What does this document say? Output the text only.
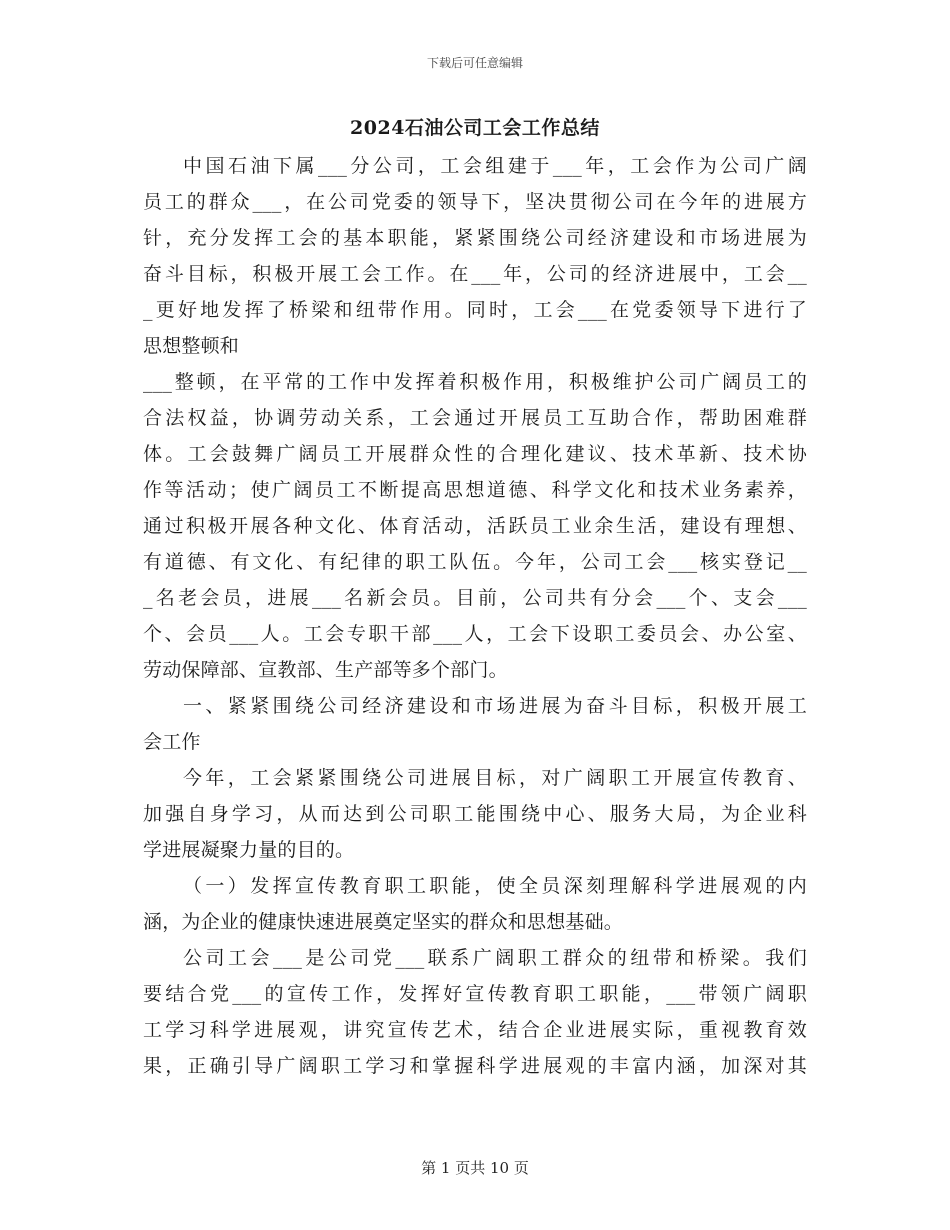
下载后可任意编辑
2024石油公司工会工作总结
中国石油下属___分公司，工会组建于___年，工会作为公司广阔
员工的群众___，在公司党委的领导下，坚决贯彻公司在今年的进展方
针，充分发挥工会的基本职能，紧紧围绕公司经济建设和市场进展为
奋斗目标，积极开展工会工作。在___年，公司的经济进展中，工会__
_更好地发挥了桥梁和纽带作用。同时，工会___在党委领导下进行了
思想整顿和
___整顿，在平常的工作中发挥着积极作用，积极维护公司广阔员工的
合法权益，协调劳动关系，工会通过开展员工互助合作，帮助困难群
体。工会鼓舞广阔员工开展群众性的合理化建议、技术革新、技术协
作等活动；使广阔员工不断提高思想道德、科学文化和技术业务素养，
通过积极开展各种文化、体育活动，活跃员工业余生活，建设有理想、
有道德、有文化、有纪律的职工队伍。今年，公司工会___核实登记__
_名老会员，进展___名新会员。目前，公司共有分会___个、支会___
个、会员___人。工会专职干部___人，工会下设职工委员会、办公室、
劳动保障部、宣教部、生产部等多个部门。
一、紧紧围绕公司经济建设和市场进展为奋斗目标，积极开展工
会工作
今年，工会紧紧围绕公司进展目标，对广阔职工开展宣传教育、
加强自身学习，从而达到公司职工能围绕中心、服务大局，为企业科
学进展凝聚力量的目的。
（一）发挥宣传教育职工职能，使全员深刻理解科学进展观的内
涵，为企业的健康快速进展奠定坚实的群众和思想基础。
公司工会___是公司党___联系广阔职工群众的纽带和桥梁。我们
要结合党___的宣传工作，发挥好宣传教育职工职能，___带领广阔职
工学习科学进展观，讲究宣传艺术，结合企业进展实际，重视教育效
果，正确引导广阔职工学习和掌握科学进展观的丰富内涵，加深对其
第 1 页共 10 页
